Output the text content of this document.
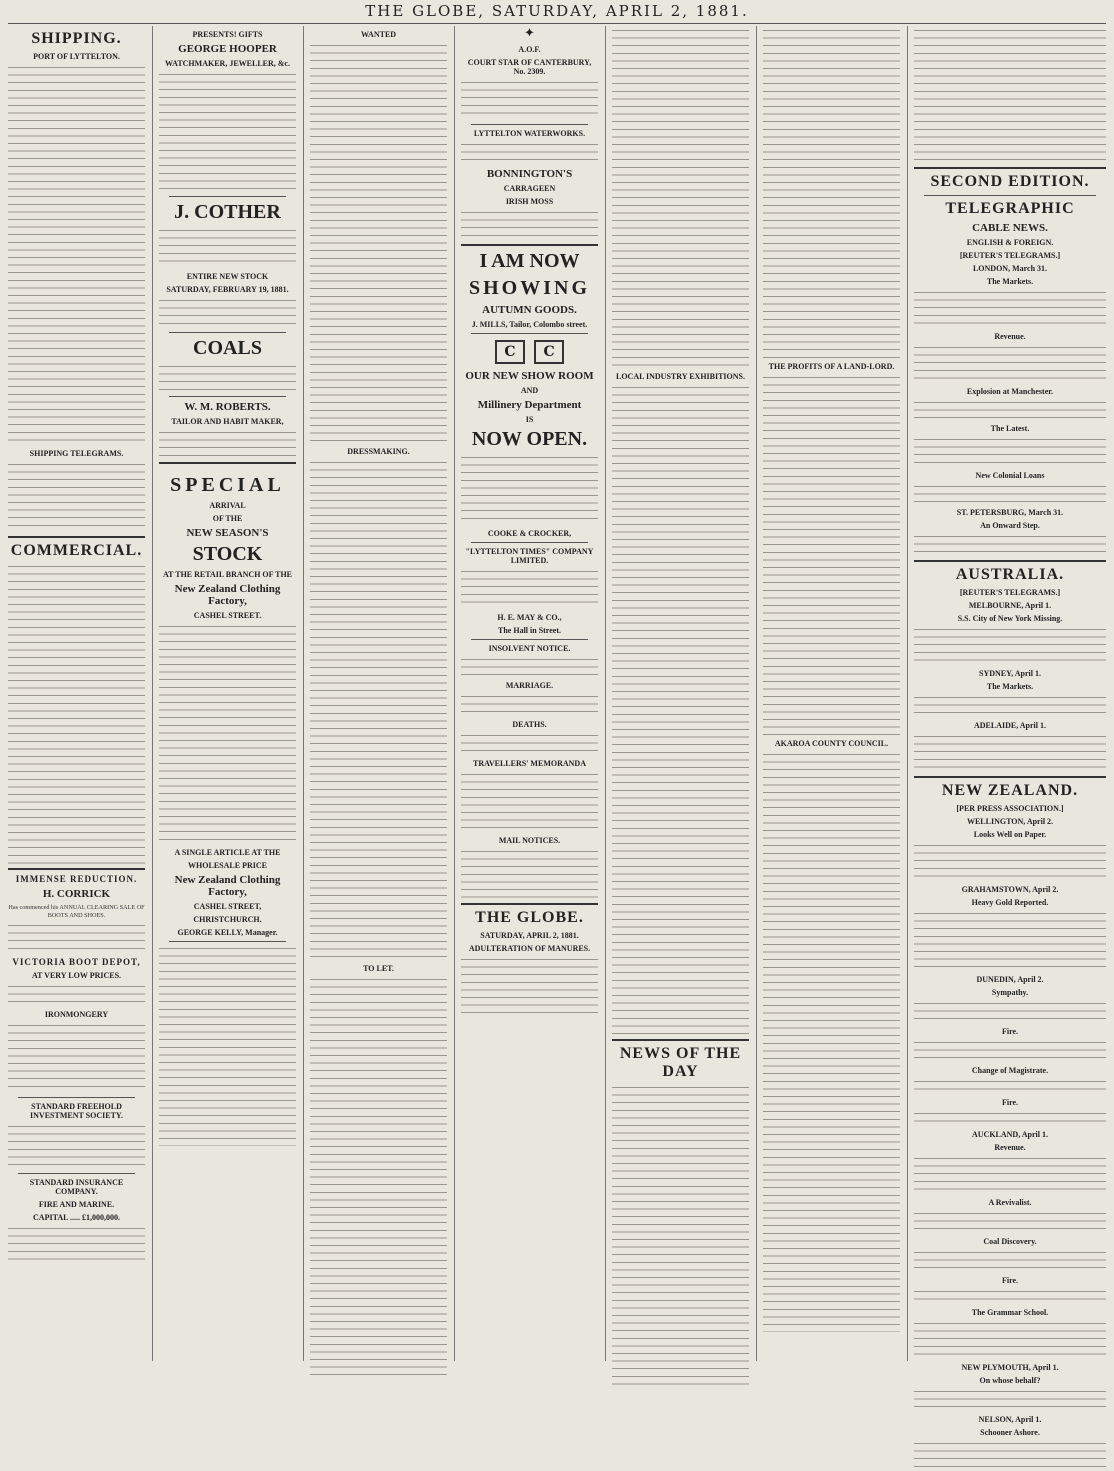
THE GLOBE, SATURDAY, APRIL 2, 1881.
SHIPPING.
PORT OF LYTTELTON.
SHIPPING TELEGRAMS.
COMMERCIAL.
IMMENSE REDUCTION.
H. CORRICK
Has commenced his ANNUAL CLEARING SALE OF BOOTS AND SHOES.
VICTORIA BOOT DEPOT,
AT VERY LOW PRICES.
IRONMONGERY
STANDARD FREEHOLD INVESTMENT SOCIETY.
STANDARD INSURANCE COMPANY.
FIRE AND MARINE.
CAPITAL ..... £1,000,000.
PRESENTS! GIFTS
GEORGE HOOPER
WATCHMAKER, JEWELLER, &c.
J. COTHER
ENTIRE NEW STOCK
SATURDAY, FEBRUARY 19, 1881.
COALS
W. M. ROBERTS.
TAILOR AND HABIT MAKER,
SPECIAL
ARRIVAL
OF THE
NEW SEASON'S
STOCK
AT THE RETAIL BRANCH OF THE
New Zealand Clothing Factory,
CASHEL STREET.
A SINGLE ARTICLE AT THE
WHOLESALE PRICE
New Zealand Clothing Factory,
CASHEL STREET,
CHRISTCHURCH.
GEORGE KELLY, Manager.
WANTED
DRESSMAKING.
TO LET.
✦
A.O.F.
COURT STAR OF CANTERBURY, No. 2309.
LYTTELTON WATERWORKS.
BONNINGTON'S
CARRAGEEN
IRISH MOSS
I AM NOW
SHOWING
AUTUMN GOODS.
J. MILLS, Tailor, Colombo street.
C C
OUR NEW SHOW ROOM
AND
Millinery Department
IS
NOW OPEN.
COOKE & CROCKER,
"LYTTELTON TIMES" COMPANY LIMITED.
H. E. MAY & CO.,
The Hall in Street.
INSOLVENT NOTICE.
MARRIAGE.
DEATHS.
TRAVELLERS' MEMORANDA
MAIL NOTICES.
THE GLOBE.
SATURDAY, APRIL 2, 1881.
ADULTERATION OF MANURES.
LOCAL INDUSTRY EXHIBITIONS.
NEWS OF THE DAY
THE PROFITS OF A LAND-LORD.
AKAROA COUNTY COUNCIL.
SECOND EDITION.
TELEGRAPHIC
CABLE NEWS.
ENGLISH & FOREIGN.
[REUTER'S TELEGRAMS.]
LONDON, March 31.
The Markets.
Revenue.
Explosion at Manchester.
The Latest.
New Colonial Loans
ST. PETERSBURG, March 31.
An Onward Step.
AUSTRALIA.
[REUTER'S TELEGRAMS.]
MELBOURNE, April 1.
S.S. City of New York Missing.
SYDNEY, April 1.
The Markets.
ADELAIDE, April 1.
NEW ZEALAND.
[PER PRESS ASSOCIATION.]
WELLINGTON, April 2.
Looks Well on Paper.
GRAHAMSTOWN, April 2.
Heavy Gold Reported.
DUNEDIN, April 2.
Sympathy.
Fire.
Change of Magistrate.
Fire.
AUCKLAND, April 1.
Revenue.
A Revivalist.
Coal Discovery.
Fire.
The Grammar School.
NEW PLYMOUTH, April 1.
On whose behalf?
NELSON, April 1.
Schooner Ashore.
